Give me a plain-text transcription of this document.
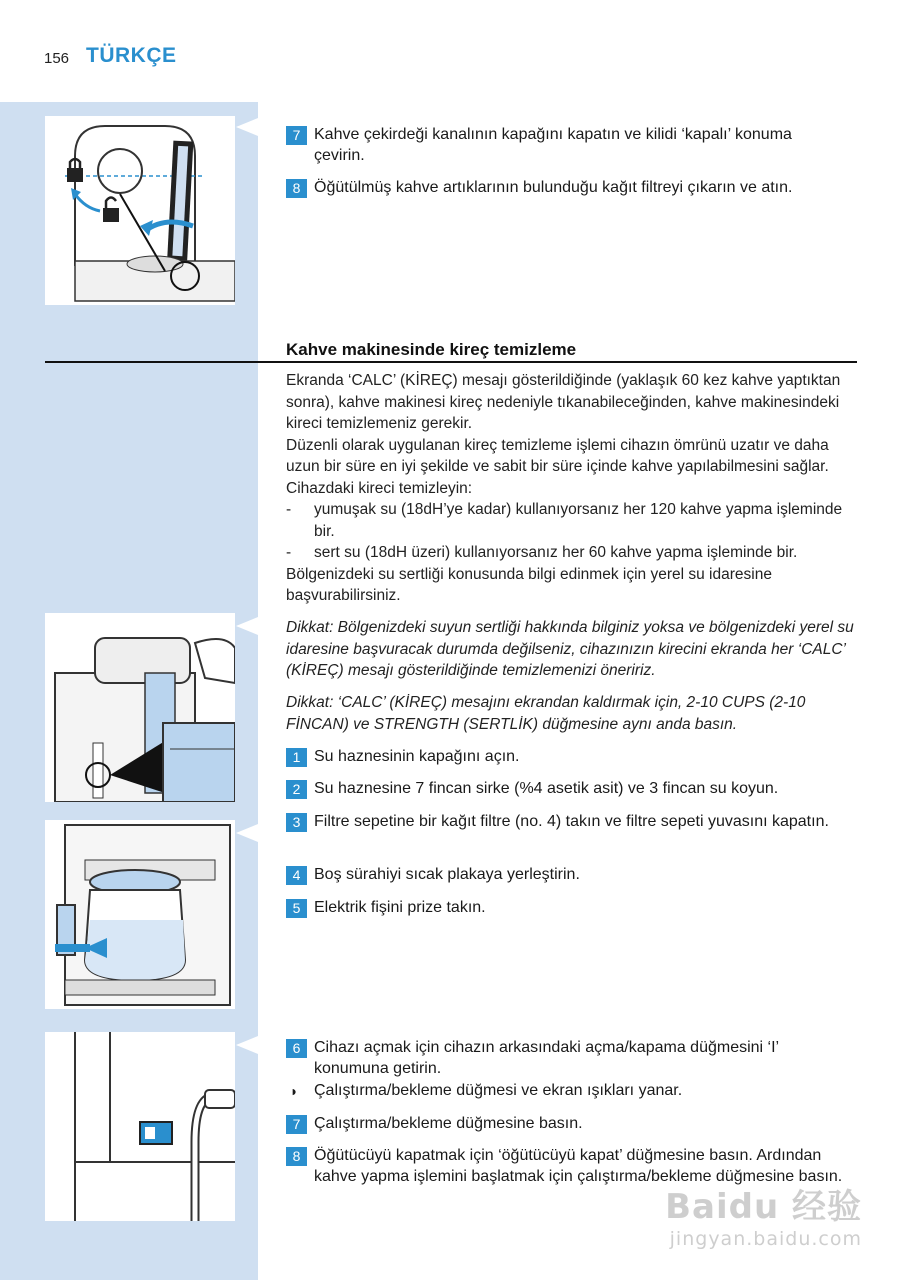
156 TÜRKÇE
7 Kahve çekirdeği kanalının kapağını kapatın ve kilidi ‘kapalı’ konuma çevirin.
8 Öğütülmüş kahve artıklarının bulunduğu kağıt filtreyi çıkarın ve atın.
Kahve makinesinde kireç temizleme

Ekranda ‘CALC’ (KİREÇ) mesajı gösterildiğinde (yaklaşık 60 kez kahve yaptıktan sonra), kahve makinesi kireç nedeniyle tıkanabileceğinden, kahve makinesindeki kireci temizlemeniz gerekir.

Düzenli olarak uygulanan kireç temizleme işlemi cihazın ömrünü uzatır ve daha uzun bir süre en iyi şekilde ve sabit bir süre içinde kahve yapılabilmesini sağlar. Cihazdaki kireci temizleyin:

- yumuşak su (18dH’ye kadar) kullanıyorsanız her 120 kahve yapma işleminde bir.
- sert su (18dH üzeri) kullanıyorsanız her 60 kahve yapma işleminde bir.

Bölgenizdeki su sertliği konusunda bilgi edinmek için yerel su idaresine başvurabilirsiniz.

Dikkat: Bölgenizdeki suyun sertliği hakkında bilginiz yoksa ve bölgenizdeki yerel su idaresine başvuracak durumda değilseniz, cihazınızın kirecini ekranda her ‘CALC’ (KİREÇ) mesajı gösterildiğinde temizlemenizi öneririz.
Dikkat: ‘CALC’ (KİREÇ) mesajını ekrandan kaldırmak için, 2-10 CUPS (2-10 FİNCAN) ve STRENGTH (SERTLİK) düğmesine aynı anda basın.
1 Su haznesinin kapağını açın.
2 Su haznesine 7 fincan sirke (%4 asetik asit) ve 3 fincan su koyun.
3 Filtre sepetine bir kağıt filtre (no. 4) takın ve filtre sepeti yuvasını kapatın.
4 Boş sürahiyi sıcak plakaya yerleştirin.
5 Elektrik fişini prize takın.
6 Cihazı açmak için cihazın arkasındaki açma/kapama düğmesini ‘I’ konumuna getirin.
◗ Çalıştırma/bekleme düğmesi ve ekran ışıkları yanar.
7 Çalıştırma/bekleme düğmesine basın.
8 Öğütücüyü kapatmak için ‘öğütücüyü kapat’ düğmesine basın. Ardından kahve yapma işlemini başlatmak için çalıştırma/bekleme düğmesine basın.
Baidu 经验
jingyan.baidu.com
